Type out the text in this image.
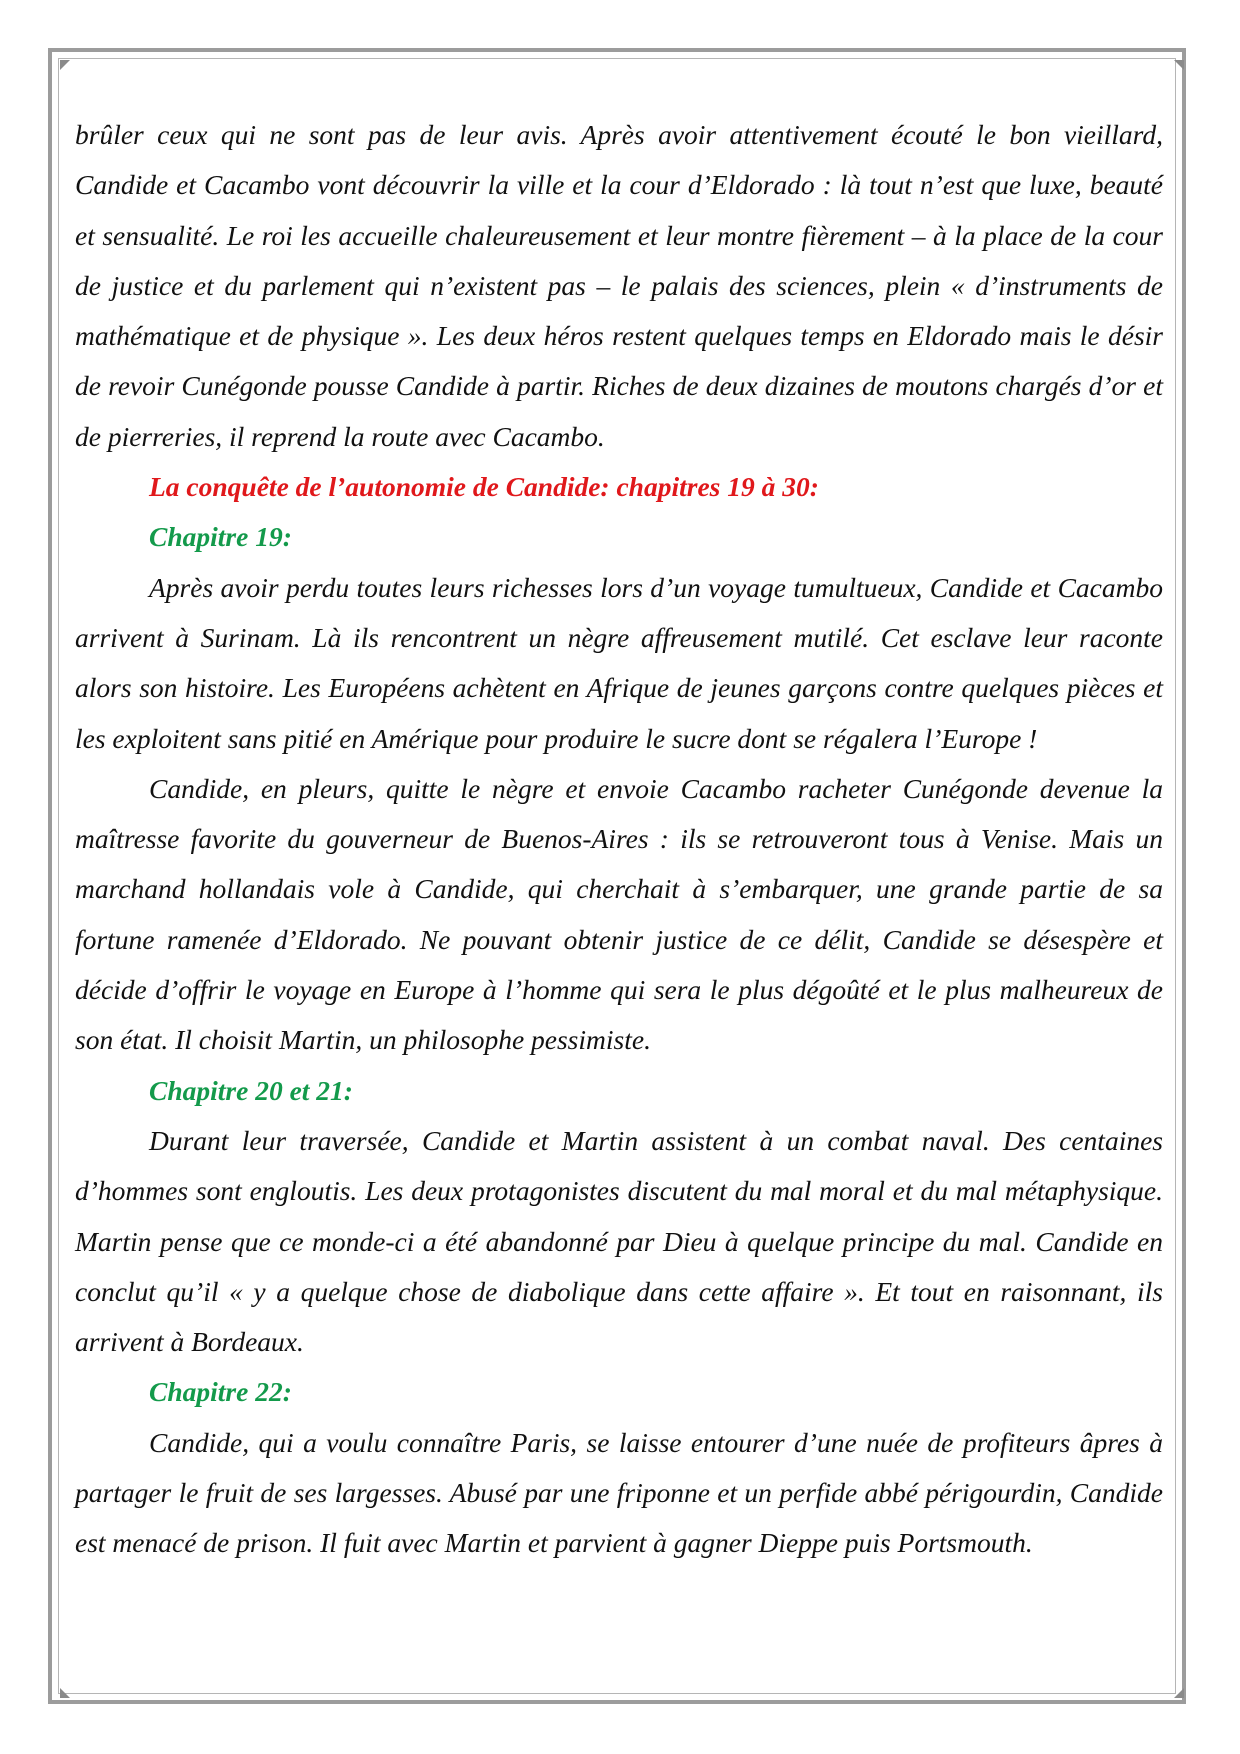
brûler ceux qui ne sont pas de leur avis. Après avoir attentivement écouté le bon vieillard, Candide et Cacambo vont découvrir la ville et la cour d’Eldorado : là tout n’est que luxe, beauté et sensualité. Le roi les accueille chaleureusement et leur montre fièrement – à la place de la cour de justice et du parlement qui n’existent pas – le palais des sciences, plein « d’instruments de mathématique et de physique ». Les deux héros restent quelques temps en Eldorado mais le désir de revoir Cunégonde pousse Candide à partir. Riches de deux dizaines de moutons chargés d’or et de pierreries, il reprend la route avec Cacambo.

La conquête de l’autonomie de Candide: chapitres 19 à 30:
Chapitre 19:

Après avoir perdu toutes leurs richesses lors d’un voyage tumultueux, Candide et Cacambo arrivent à Surinam. Là ils rencontrent un nègre affreusement mutilé. Cet esclave leur raconte alors son histoire. Les Européens achètent en Afrique de jeunes garçons contre quelques pièces et les exploitent sans pitié en Amérique pour produire le sucre dont se régalera l’Europe !

Candide, en pleurs, quitte le nègre et envoie Cacambo racheter Cunégonde devenue la maîtresse favorite du gouverneur de Buenos-Aires : ils se retrouveront tous à Venise. Mais un marchand hollandais vole à Candide, qui cherchait à s’embarquer, une grande partie de sa fortune ramenée d’Eldorado. Ne pouvant obtenir justice de ce délit, Candide se désespère et décide d’offrir le voyage en Europe à l’homme qui sera le plus dégoûté et le plus malheureux de son état. Il choisit Martin, un philosophe pessimiste.

Chapitre 20 et 21:

Durant leur traversée, Candide et Martin assistent à un combat naval. Des centaines d’hommes sont engloutis. Les deux protagonistes discutent du mal moral et du mal métaphysique. Martin pense que ce monde-ci a été abandonné par Dieu à quelque principe du mal. Candide en conclut qu’il « y a quelque chose de diabolique dans cette affaire ». Et tout en raisonnant, ils arrivent à Bordeaux.

Chapitre 22:

Candide, qui a voulu connaître Paris, se laisse entourer d’une nuée de profiteurs âpres à partager le fruit de ses largesses. Abusé par une friponne et un perfide abbé périgourdin, Candide est menacé de prison. Il fuit avec Martin et parvient à gagner Dieppe puis Portsmouth.
